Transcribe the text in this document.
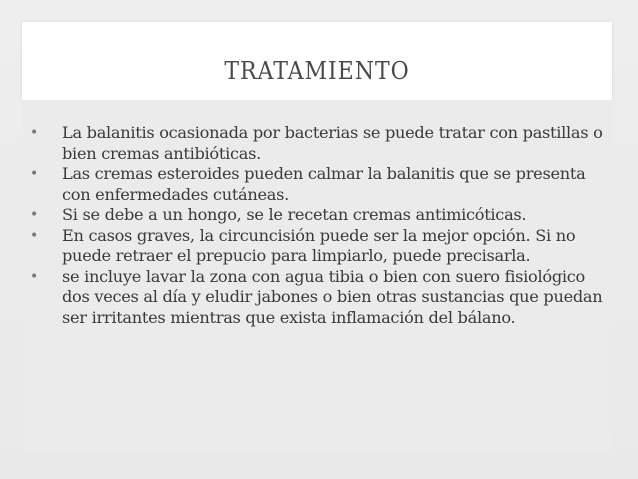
TRATAMIENTO
• La balanitis ocasionada por bacterias se puede tratar con pastillas o bien cremas antibióticas.
• Las cremas esteroides pueden calmar la balanitis que se presenta con enfermedades cutáneas.
• Si se debe a un hongo, se le recetan cremas antimicóticas.
• En casos graves, la circuncisión puede ser la mejor opción. Si no puede retraer el prepucio para limpiarlo, puede precisarla.
• se incluye lavar la zona con agua tibia o bien con suero fisiológico dos veces al día y eludir jabones o bien otras sustancias que puedan ser irritantes mientras que exista inflamación del bálano.
